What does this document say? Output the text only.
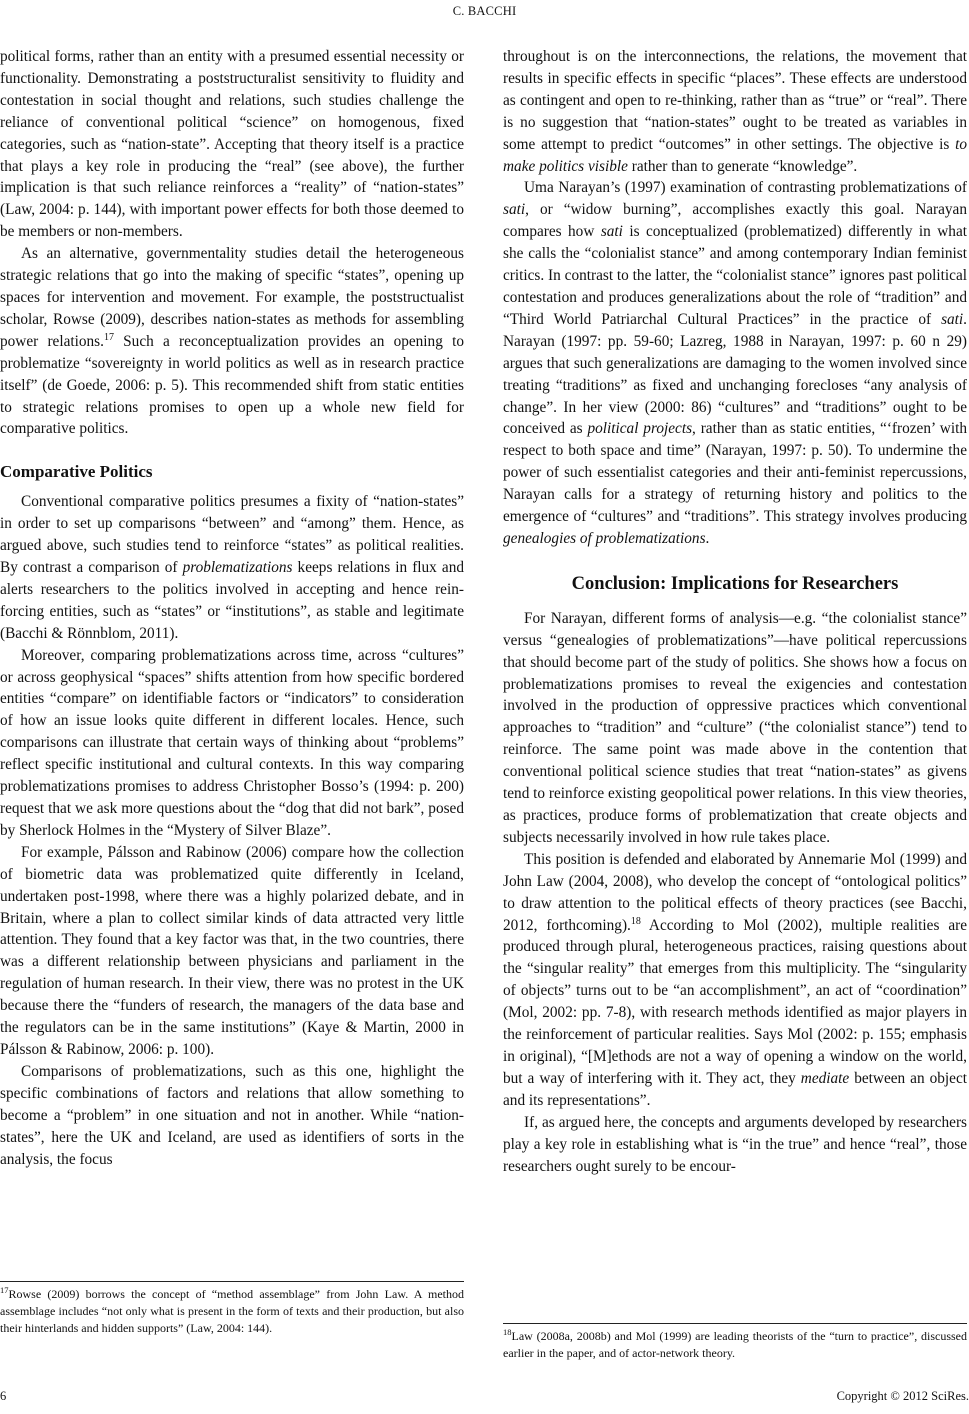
C. BACCHI

political forms, rather than an entity with a presumed essential necessity or functionality. Demonstrating a poststructuralist sensitivity to fluidity and contestation in social thought and relations, such studies challenge the reliance of conventional political “science” on homogenous, fixed categories, such as “nation-state”. Accepting that theory itself is a practice that plays a key role in producing the “real” (see above), the further implication is that such reliance reinforces a “reality” of “nation-states” (Law, 2004: p. 144), with important power effects for both those deemed to be members or non-members.

As an alternative, governmentality studies detail the heterogeneous strategic relations that go into the making of specific “states”, opening up spaces for intervention and movement. For example, the poststructualist scholar, Rowse (2009), describes nation-states as methods for assembling power relations.$^{17}$ Such a reconceptualization provides an opening to problematize “sovereignty in world politics as well as in research practice itself” (de Goede, 2006: p. 5). This recommended shift from static entities to strategic relations promises to open up a whole new field for comparative politics.

Comparative Politics

Conventional comparative politics presumes a fixity of “nation-states” in order to set up comparisons “between” and “among” them. Hence, as argued above, such studies tend to reinforce “states” as political realities. By contrast a comparison of problematizations keeps relations in flux and alerts researchers to the politics involved in accepting and hence reinforcing entities, such as “states” or “institutions”, as stable and legitimate (Bacchi & Rönnblom, 2011).

Moreover, comparing problematizations across time, across “cultures” or across geophysical “spaces” shifts attention from how specific bordered entities “compare” on identifiable factors or “indicators” to consideration of how an issue looks quite different in different locales. Hence, such comparisons can illustrate that certain ways of thinking about “problems” reflect specific institutional and cultural contexts. In this way comparing problematizations promises to address Christopher Bosso’s (1994: p. 200) request that we ask more questions about the “dog that did not bark”, posed by Sherlock Holmes in the “Mystery of Silver Blaze”.

For example, Pálsson and Rabinow (2006) compare how the collection of biometric data was problematized quite differently in Iceland, undertaken post-1998, where there was a highly polarized debate, and in Britain, where a plan to collect similar kinds of data attracted very little attention. They found that a key factor was that, in the two countries, there was a different relationship between physicians and parliament in the regulation of human research. In their view, there was no protest in the UK because there the “funders of research, the managers of the data base and the regulators can be in the same institutions” (Kaye & Martin, 2000 in Pálsson & Rabinow, 2006: p. 100).

Comparisons of problematizations, such as this one, highlight the specific combinations of factors and relations that allow something to become a “problem” in one situation and not in another. While “nation-states”, here the UK and Iceland, are used as identifiers of sorts in the analysis, the focus

throughout is on the interconnections, the relations, the movement that results in specific effects in specific “places”. These effects are understood as contingent and open to re-thinking, rather than as “true” or “real”. There is no suggestion that “nation-states” ought to be treated as variables in some attempt to predict “outcomes” in other settings. The objective is to make politics visible rather than to generate “knowledge”.

Uma Narayan’s (1997) examination of contrasting problematizations of sati, or “widow burning”, accomplishes exactly this goal. Narayan compares how sati is conceptualized (problematized) differently in what she calls the “colonialist stance” and among contemporary Indian feminist critics. In contrast to the latter, the “colonialist stance” ignores past political contestation and produces generalizations about the role of “tradition” and “Third World Patriarchal Cultural Practices” in the practice of sati. Narayan (1997: pp. 59-60; Lazreg, 1988 in Narayan, 1997: p. 60 n 29) argues that such generalizations are damaging to the women involved since treating “traditions” as fixed and unchanging forecloses “any analysis of change”. In her view (2000: 86) “cultures” and “traditions” ought to be conceived as political projects, rather than as static entities, “‘frozen’ with respect to both space and time” (Narayan, 1997: p. 50). To undermine the power of such essentialist categories and their anti-feminist repercussions, Narayan calls for a strategy of returning history and politics to the emergence of “cultures” and “traditions”. This strategy involves producing genealogies of problematizations.

Conclusion: Implications for Researchers

For Narayan, different forms of analysis—e.g. “the colonialist stance” versus “genealogies of problematizations”—have political repercussions that should become part of the study of politics. She shows how a focus on problematizations promises to reveal the exigencies and contestation involved in the production of oppressive practices which conventional approaches to “tradition” and “culture” (“the colonialist stance”) tend to reinforce. The same point was made above in the contention that conventional political science studies that treat “nation-states” as givens tend to reinforce existing geopolitical power relations. In this view theories, as practices, produce forms of problematization that create objects and subjects necessarily involved in how rule takes place.

This position is defended and elaborated by Annemarie Mol (1999) and John Law (2004, 2008), who develop the concept of “ontological politics” to draw attention to the political effects of theory practices (see Bacchi, 2012, forthcoming).$^{18}$ According to Mol (2002), multiple realities are produced through plural, heterogeneous practices, raising questions about the “singular reality” that emerges from this multiplicity. The “singularity of objects” turns out to be “an accomplishment”, an act of “coordination” (Mol, 2002: pp. 7-8), with research methods identified as major players in the reinforcement of particular realities. Says Mol (2002: p. 155; emphasis in original), “[M]ethods are not a way of opening a window on the world, but a way of interfering with it. They act, they mediate between an object and its representations”.

If, as argued here, the concepts and arguments developed by researchers play a key role in establishing what is “in the true” and hence “real”, those researchers ought surely to be encour-

$^{17}$Rowse (2009) borrows the concept of “method assemblage” from John Law. A method assemblage includes “not only what is present in the form of texts and their production, but also their hinterlands and hidden supports” (Law, 2004: 144).	$^{18}$Law (2008a, 2008b) and Mol (1999) are leading theorists of the “turn to practice”, discussed earlier in the paper, and of actor-network theory.

6	Copyright © 2012 SciRes.
